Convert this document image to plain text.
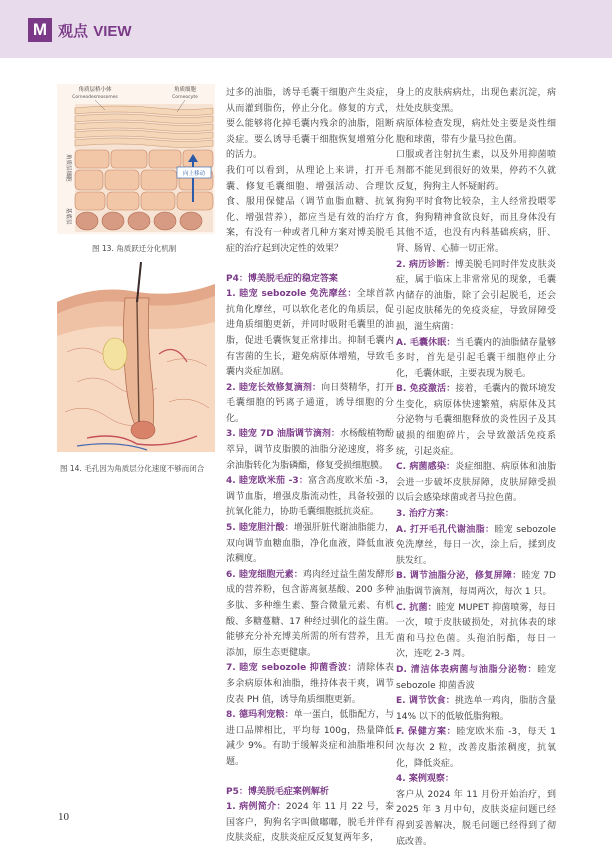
M 观点 VIEW
向上移动
角质层桥小体
Corneodesmosomes
角质细胞
Corneocyte
角质层细胞
基底层
图 13. 角质跃迁分化机制
图 14. 毛孔因为角质层分化速度不够而闭合

过多的油脂，诱导毛囊干细胞产生炎症，从而灌到脂伤，停止分化。修复的方式，要么能够将化掉毛囊内残余的油脂，阻断炎症。要么诱导毛囊干细胞恢复增殖分化的活力。

我们可以看到，从理论上来讲，打开毛囊、修复毛囊细胞、增强活动、合理饮食、服用保健品（调节血脂血糖、抗氧化、增强营养），都应当是有效的治疗方案，有没有一种或者几种方案对博美脱毛症的治疗起到决定性的效果？

P4：博美脱毛症的稳定答案

1. 睦宠 sebozole 免洗摩丝：全球首款抗角化摩丝，可以软化老化的角质层，促进角质细胞更新，并同时吸附毛囊里的油脂，促进毛囊恢复正常排出。抑制毛囊内有害菌的生长，避免病原体增殖，导致毛囊内炎症加剧。

2. 睦宠长效修复滴剂：向日葵精华，打开毛囊细胞的钙离子通道，诱导细胞的分化。

3. 睦宠 7D 油脂调节滴剂：水杨酸植物酚萃异，调节皮脂膜的油脂分泌速度，将多余油脂转化为脂磷酯，修复受损细胞膜。

4. 睦宠欧米茄 -3：富含高度欧米茄 -3，调节血脂，增强皮脂流动性，具备较强的抗氧化能力，协助毛囊细胞抵抗炎症。

5. 睦宠胆汁酸：增强肝脏代谢油脂能力，双向调节血糖血脂，净化血液，降低血液浓稠度。

6. 睦宠细胞元素：鸡肉经过益生菌发酵形成的营养粉，包含游离氨基酸、200 多种多肽、多种维生素、螯合微量元素、有机酸、多糖蔓糖、17 种经过驯化的益生菌。能够充分补充博美所需的所有营养，且无添加，原生态更健康。

7. 睦宠 sebozole 抑菌香波：清除体表多余病原体和油脂，维持体表干爽，调节皮表 PH 值，诱导角质细胞更新。

8. 德玛利宠粮：单一蛋白，低脂配方，与进口品牌相比，平均每 100g，热量降低减少 9%。有助于缓解炎症和油脂堆积问题。

P5：博美脱毛症案例解析

1. 病例简介：2024 年 11 月 22 号，泰国客户，狗狗名字叫做嘟嘟，脱毛并伴有皮肤炎症，皮肤炎症反反复复两年多，

身上的皮肤病病灶，出现色素沉淀，病灶处皮肤变黑。

病原体检查发现，病灶处主要是炎性细胞和球菌，带有少量马拉色菌。

口服或者注射抗生素，以及外用抑菌喷剂都不能见到很好的效果，停药不久就反复，狗狗主人怀疑耐药。

狗狗平时食物比较杂，主人经常投喂零食，狗狗精神食欲良好，而且身体没有其他不适，也没有内科基础疾病，肝、肾、肠胃、心肺一切正常。

2. 病历诊断：博美脱毛同时伴发皮肤炎症，属于临床上非常常见的现象，毛囊内储存的油脂，除了会引起脱毛，还会引起皮肤稀先的免疫炎症，导致屏障受损，滋生病菌：

A. 毛囊休眠：当毛囊内的油脂储存量够多时，首先是引起毛囊干细胞停止分化，毛囊休眠，主要表现为脱毛。

B. 免疫激活：接着，毛囊内的微环境发生变化，病原体快速繁殖，病原体及其分泌物与毛囊细胞释放的炎性因子及其破损的细胞碎片，会导致激活免疫系统，引起炎症。

C. 病菌感染：炎症细胞、病原体和油脂会进一步破坏皮肤屏障，皮肤屏障受损以后会感染球菌或者马拉色菌。

3. 治疗方案：

A. 打开毛孔代谢油脂：睦宠 sebozole 免洗摩丝，每日一次，涂上后，揉到皮肤发红。

B. 调节油脂分泌，修复屏障：睦宠 7D 油脂调节滴剂，每周两次，每次 1 只。

C. 抗菌：睦宠 MUPET 抑菌喷雾，每日一次，喷于皮肤破损处，对抗体表的球菌和马拉色菌。头孢泊肟酯，每日一次，连吃 2-3 周。

D. 清洁体表病菌与油脂分泌物：睦宠 sebozole 抑菌香波

E. 调节饮食：挑选单一鸡肉，脂肪含量 14% 以下的低敏低脂狗粮。

F. 保健方案：睦宠欧米茄 -3，每天 1 次每次 2 粒，改善皮脂浓稠度，抗氧化，降低炎症。

4. 案例观察：

客户从 2024 年 11 月份开始治疗，到 2025 年 3 月中旬，皮肤炎症问题已经得到妥善解决，脱毛问题已经得到了彻底改善。

10
